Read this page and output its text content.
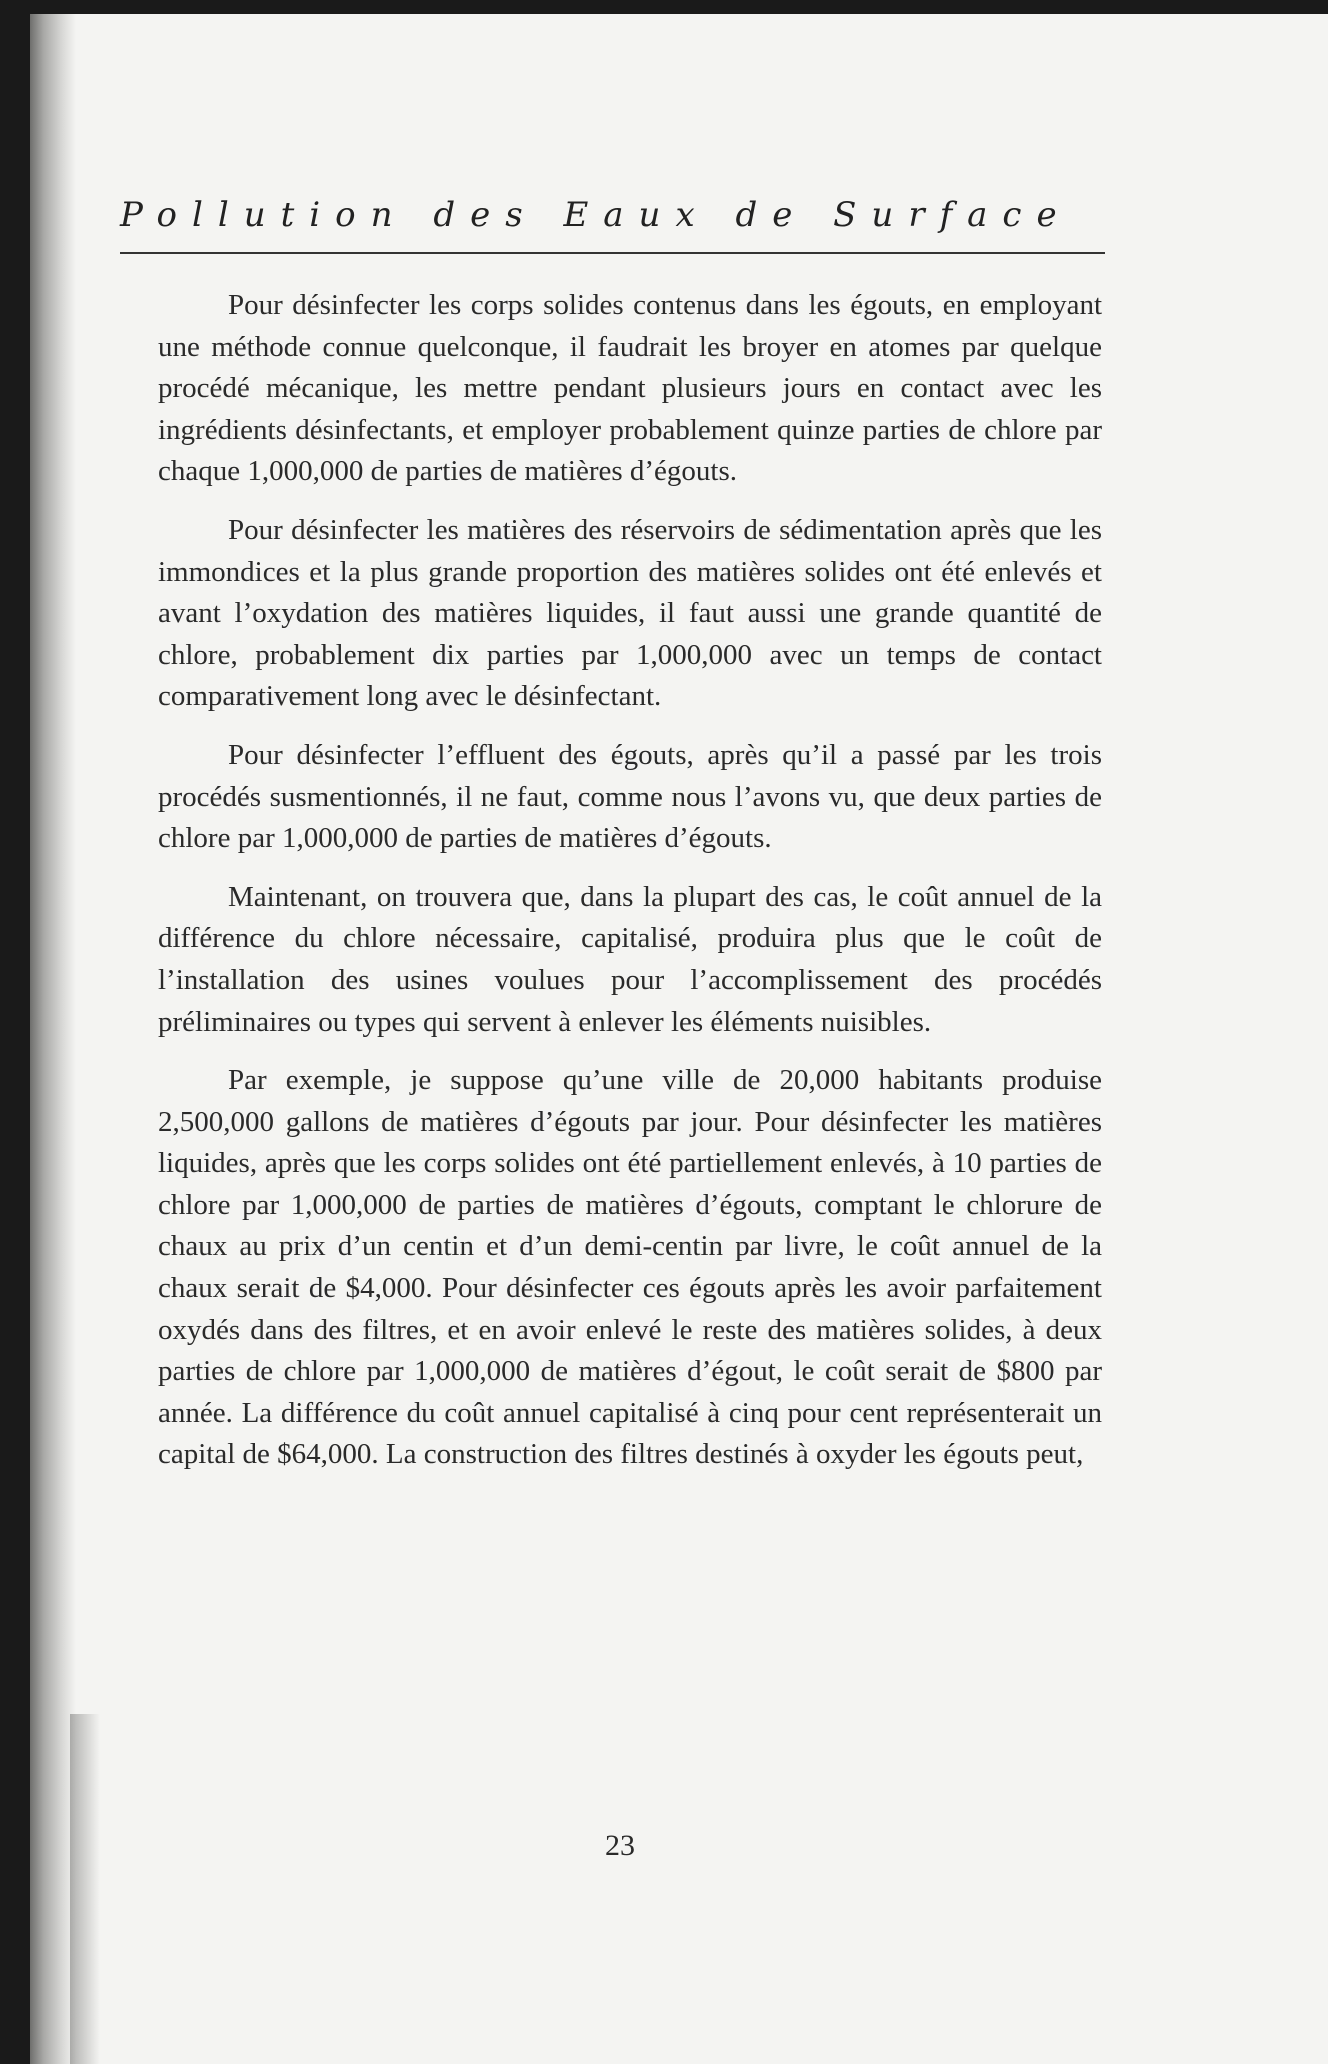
Pollution des Eaux de Surface

Pour désinfecter les corps solides contenus dans les égouts, en employant une méthode connue quelconque, il faudrait les broyer en atomes par quelque procédé mécanique, les mettre pendant plusieurs jours en contact avec les ingrédients désinfectants, et employer probablement quinze parties de chlore par chaque 1,000,000 de parties de matières d’égouts.

Pour désinfecter les matières des réservoirs de sédimentation après que les immondices et la plus grande proportion des matières solides ont été enlevés et avant l’oxydation des matières liquides, il faut aussi une grande quantité de chlore, probablement dix parties par 1,000,000 avec un temps de contact comparativement long avec le désinfectant.

Pour désinfecter l’effluent des égouts, après qu’il a passé par les trois procédés susmentionnés, il ne faut, comme nous l’avons vu, que deux parties de chlore par 1,000,000 de parties de matières d’égouts.

Maintenant, on trouvera que, dans la plupart des cas, le coût annuel de la différence du chlore nécessaire, capitalisé, produira plus que le coût de l’installation des usines voulues pour l’accomplissement des procédés préliminaires ou types qui servent à enlever les éléments nuisibles.

Par exemple, je suppose qu’une ville de 20,000 habitants produise 2,500,000 gallons de matières d’égouts par jour. Pour désinfecter les matières liquides, après que les corps solides ont été partiellement enlevés, à 10 parties de chlore par 1,000,000 de parties de matières d’égouts, comptant le chlorure de chaux au prix d’un centin et d’un demi-centin par livre, le coût annuel de la chaux serait de $4,000. Pour désinfecter ces égouts après les avoir parfaitement oxydés dans des filtres, et en avoir enlevé le reste des matières solides, à deux parties de chlore par 1,000,000 de matières d’égout, le coût serait de $800 par année. La différence du coût annuel capitalisé à cinq pour cent représenterait un capital de $64,000. La construction des filtres destinés à oxyder les égouts peut,

23
